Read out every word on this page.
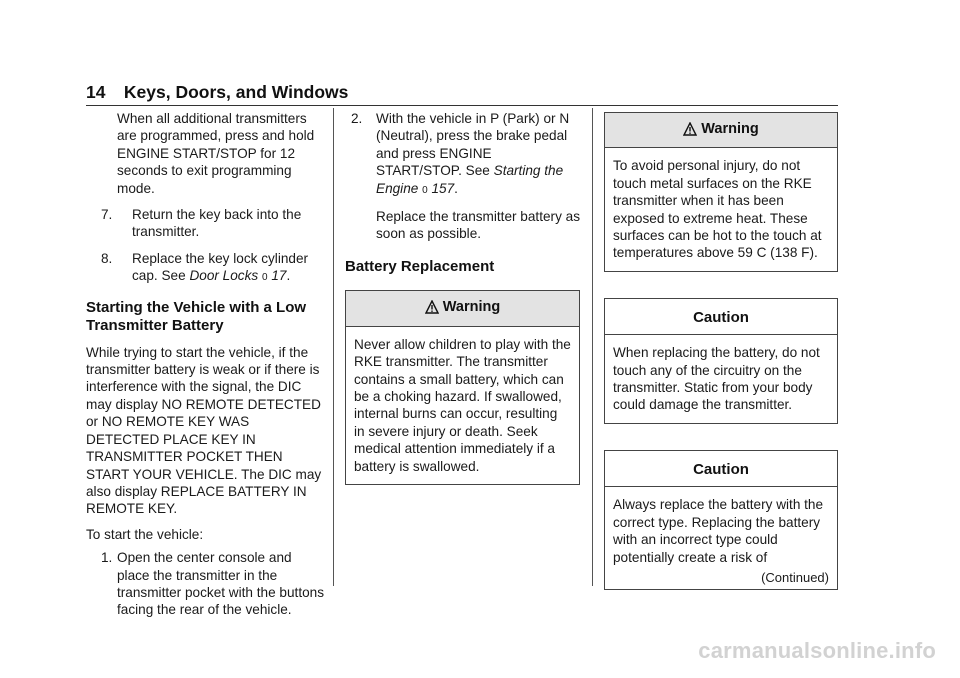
14 Keys, Doors, and Windows

When all additional transmitters are programmed, press and hold ENGINE START/STOP for 12 seconds to exit programming mode.

7. Return the key back into the transmitter.
8. Replace the key lock cylinder cap. See Door Locks 0 17.
Starting the Vehicle with a Low Transmitter Battery

While trying to start the vehicle, if the transmitter battery is weak or if there is interference with the signal, the DIC may display NO REMOTE DETECTED or NO REMOTE KEY WAS DETECTED PLACE KEY IN TRANSMITTER POCKET THEN START YOUR VEHICLE. The DIC may also display REPLACE BATTERY IN REMOTE KEY.

To start the vehicle:

1. Open the center console and place the transmitter in the transmitter pocket with the buttons facing the rear of the vehicle.
2. With the vehicle in P (Park) or N (Neutral), press the brake pedal and press ENGINE START/STOP. See Starting the Engine 0 157.

Replace the transmitter battery as soon as possible.

Battery Replacement
Warning
Never allow children to play with the RKE transmitter. The transmitter contains a small battery, which can be a choking hazard. If swallowed, internal burns can occur, resulting in severe injury or death. Seek medical attention immediately if a battery is swallowed.
Warning
To avoid personal injury, do not touch metal surfaces on the RKE transmitter when it has been exposed to extreme heat. These surfaces can be hot to the touch at temperatures above 59 C (138 F).
Caution
When replacing the battery, do not touch any of the circuitry on the transmitter. Static from your body could damage the transmitter.
Caution
Always replace the battery with the correct type. Replacing the battery with an incorrect type could potentially create a risk of
(Continued)
carmanualsonline.info
